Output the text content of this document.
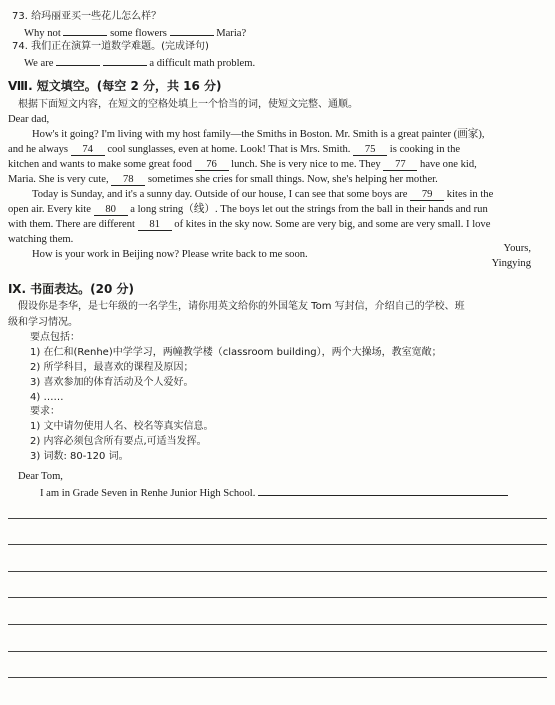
73. 给玛丽亚买一些花儿怎么样？
Why not	some flowers	Maria?
74. 我们正在演算一道数学难题。(完成译句)
We are	a difficult math problem.
Ⅷ. 短文填空。(每空 2 分，共 16 分)
根据下面短文内容，在短文的空格处填上一个恰当的词，使短文完整、通顺。
Dear dad,
How's it going? I'm living with my host family—the Smiths in Boston. Mr. Smith is a great painter (画家),
and he always 74 cool sunglasses, even at home. Look! That is Mrs. Smith. 75 is cooking in the
kitchen and wants to make some great food 76 lunch. She is very nice to me. They 77 have one kid,
Maria. She is very cute, 78 sometimes she cries for small things. Now, she's helping her mother.
Today is Sunday, and it's a sunny day. Outside of our house, I can see that some boys are 79 kites in the
open air. Every kite 80 a long string（线）. The boys let out the strings from the ball in their hands and run
with them. There are different 81 of kites in the sky now. Some are very big, and some are very small. I love
watching them.
How is your work in Beijing now? Please write back to me soon.
Yours,
Yingying
Ⅸ. 书面表达。(20 分)
假设你是李华，是七年级的一名学生，请你用英文给你的外国笔友 Tom 写封信，介绍自己的学校、班
级和学习情况。
要点包括：
1) 在仁和(Renhe)中学学习，两幢教学楼（classroom building），两个大操场，教室宽敞；
2) 所学科目，最喜欢的课程及原因；
3) 喜欢参加的体育活动及个人爱好。
4) ……
要求：
1) 文中请勿使用人名、校名等真实信息。
2) 内容必须包含所有要点,可适当发挥。
3) 词数: 80-120 词。
Dear Tom,
I am in Grade Seven in Renhe Junior High School.
